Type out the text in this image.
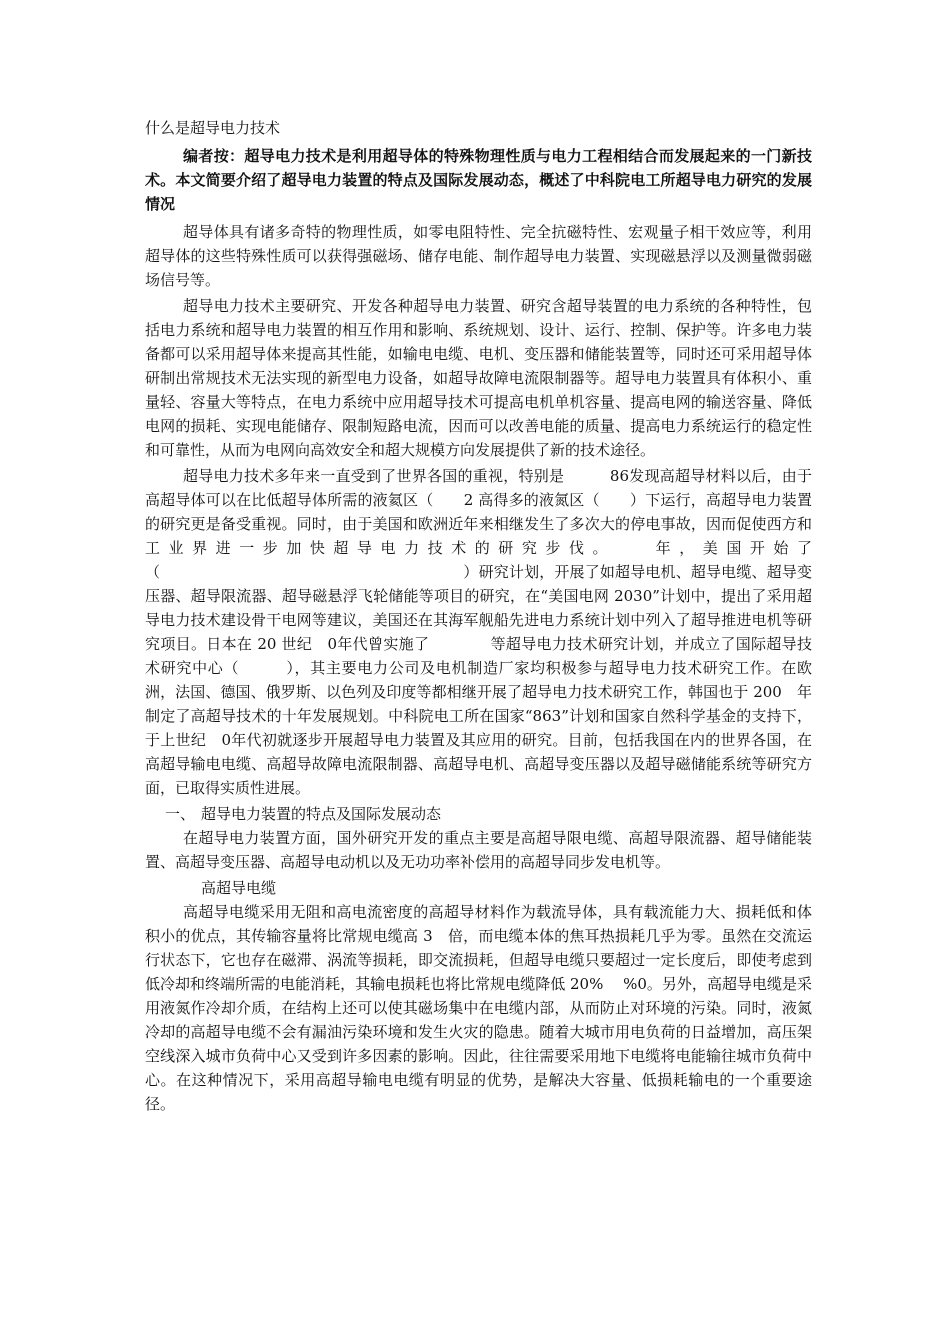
什么是超导电力技术

编者按：超导电力技术是利用超导体的特殊物理性质与电力工程相结合而发展起来的一门新技术。本文简要介绍了超导电力装置的特点及国际发展动态，概述了中科院电工所超导电力研究的发展情况

超导体具有诸多奇特的物理性质，如零电阻特性、完全抗磁特性、宏观量子相干效应等，利用超导体的这些特殊性质可以获得强磁场、储存电能、制作超导电力装置、实现磁悬浮以及测量微弱磁场信号等。

超导电力技术主要研究、开发各种超导电力装置、研究含超导装置的电力系统的各种特性，包括电力系统和超导电力装置的相互作用和影响、系统规划、设计、运行、控制、保护等。许多电力装备都可以采用超导体来提高其性能，如输电电缆、电机、变压器和储能装置等，同时还可采用超导体研制出常规技术无法实现的新型电力设备，如超导故障电流限制器等。超导电力装置具有体积小、重量轻、容量大等特点，在电力系统中应用超导技术可提高电机单机容量、提高电网的输送容量、降低电网的损耗、实现电能储存、限制短路电流，因而可以改善电能的质量、提高电力系统运行的稳定性和可靠性，从而为电网向高效安全和超大规模方向发展提供了新的技术途径。

超导电力技术多年来一直受到了世界各国的重视，特别是　　　86发现高超导材料以后，由于高超导体可以在比低超导体所需的液氦区（　　2 高得多的液氮区（　　）下运行，高超导电力装置的研究更是备受重视。同时，由于美国和欧洲近年来相继发生了多次大的停电事故，因而促使西方和工业界进一步加快超导电力技术的研究步伐。　　年，美国开始了（　　　　　　　　　　　　　　　　　　　　）研究计划，开展了如超导电机、超导电缆、超导变压器、超导限流器、超导磁悬浮飞轮储能等项目的研究，在“美国电网 2030”计划中，提出了采用超导电力技术建设骨干电网等建议，美国还在其海军舰船先进电力系统计划中列入了超导推进电机等研究项目。日本在 20 世纪　0年代曾实施了　　　　等超导电力技术研究计划，并成立了国际超导技术研究中心（　　　），其主要电力公司及电机制造厂家均积极参与超导电力技术研究工作。在欧洲，法国、德国、俄罗斯、以色列及印度等都相继开展了超导电力技术研究工作，韩国也于 200　年制定了高超导技术的十年发展规划。中科院电工所在国家“863”计划和国家自然科学基金的支持下，于上世纪　0年代初就逐步开展超导电力装置及其应用的研究。目前，包括我国在内的世界各国，在高超导输电电缆、高超导故障电流限制器、高超导电机、高超导变压器以及超导磁储能系统等研究方面，已取得实质性进展。

一、 超导电力装置的特点及国际发展动态

在超导电力装置方面，国外研究开发的重点主要是高超导限电缆、高超导限流器、超导储能装置、高超导变压器、高超导电动机以及无功功率补偿用的高超导同步发电机等。

高超导电缆

高超导电缆采用无阻和高电流密度的高超导材料作为载流导体，具有载流能力大、损耗低和体积小的优点，其传输容量将比常规电缆高 3　倍，而电缆本体的焦耳热损耗几乎为零。虽然在交流运行状态下，它也存在磁滞、涡流等损耗，即交流损耗，但超导电缆只要超过一定长度后，即使考虑到低冷却和终端所需的电能消耗，其输电损耗也将比常规电缆降低 20%　 %0。另外，高超导电缆是采用液氮作冷却介质，在结构上还可以使其磁场集中在电缆内部，从而防止对环境的污染。同时，液氮冷却的高超导电缆不会有漏油污染环境和发生火灾的隐患。随着大城市用电负荷的日益增加，高压架空线深入城市负荷中心又受到许多因素的影响。因此，往往需要采用地下电缆将电能输往城市负荷中心。在这种情况下，采用高超导输电电缆有明显的优势，是解决大容量、低损耗输电的一个重要途径。
